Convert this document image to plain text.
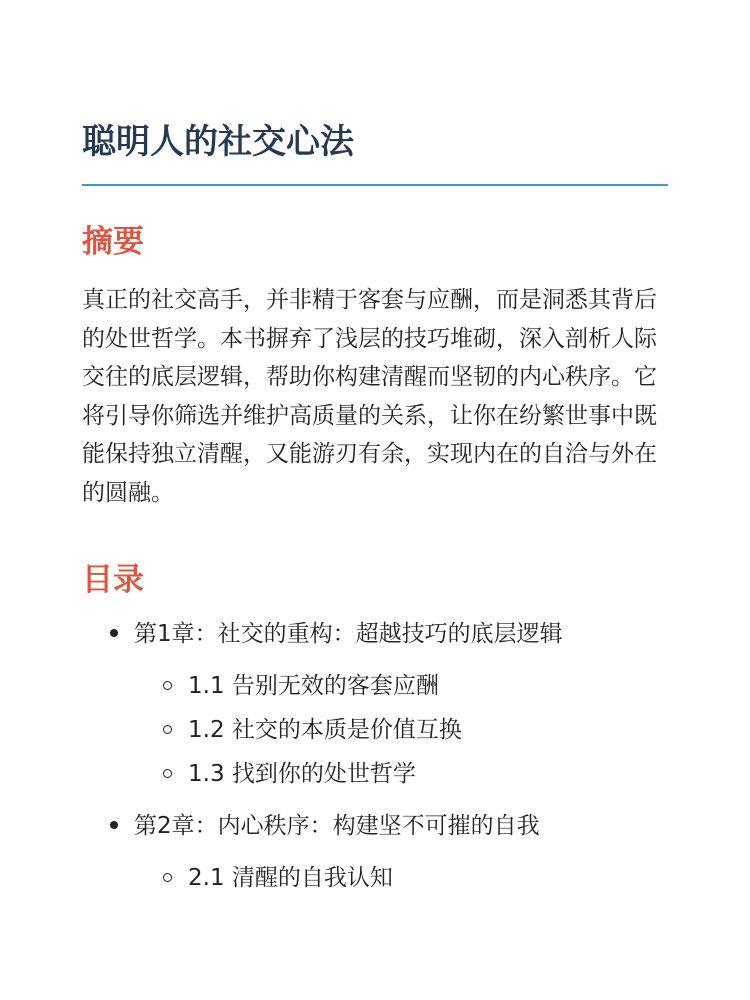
聪明人的社交心法
摘要

真正的社交高手，并非精于客套与应酬，而是洞悉其背后的处世哲学。本书摒弃了浅层的技巧堆砌，深入剖析人际交往的底层逻辑，帮助你构建清醒而坚韧的内心秩序。它将引导你筛选并维护高质量的关系，让你在纷繁世事中既能保持独立清醒，又能游刃有余，实现内在的自洽与外在的圆融。

目录
第1章：社交的重构：超越技巧的底层逻辑
1.1 告别无效的客套应酬
1.2 社交的本质是价值互换
1.3 找到你的处世哲学
第2章：内心秩序：构建坚不可摧的自我
2.1 清醒的自我认知
